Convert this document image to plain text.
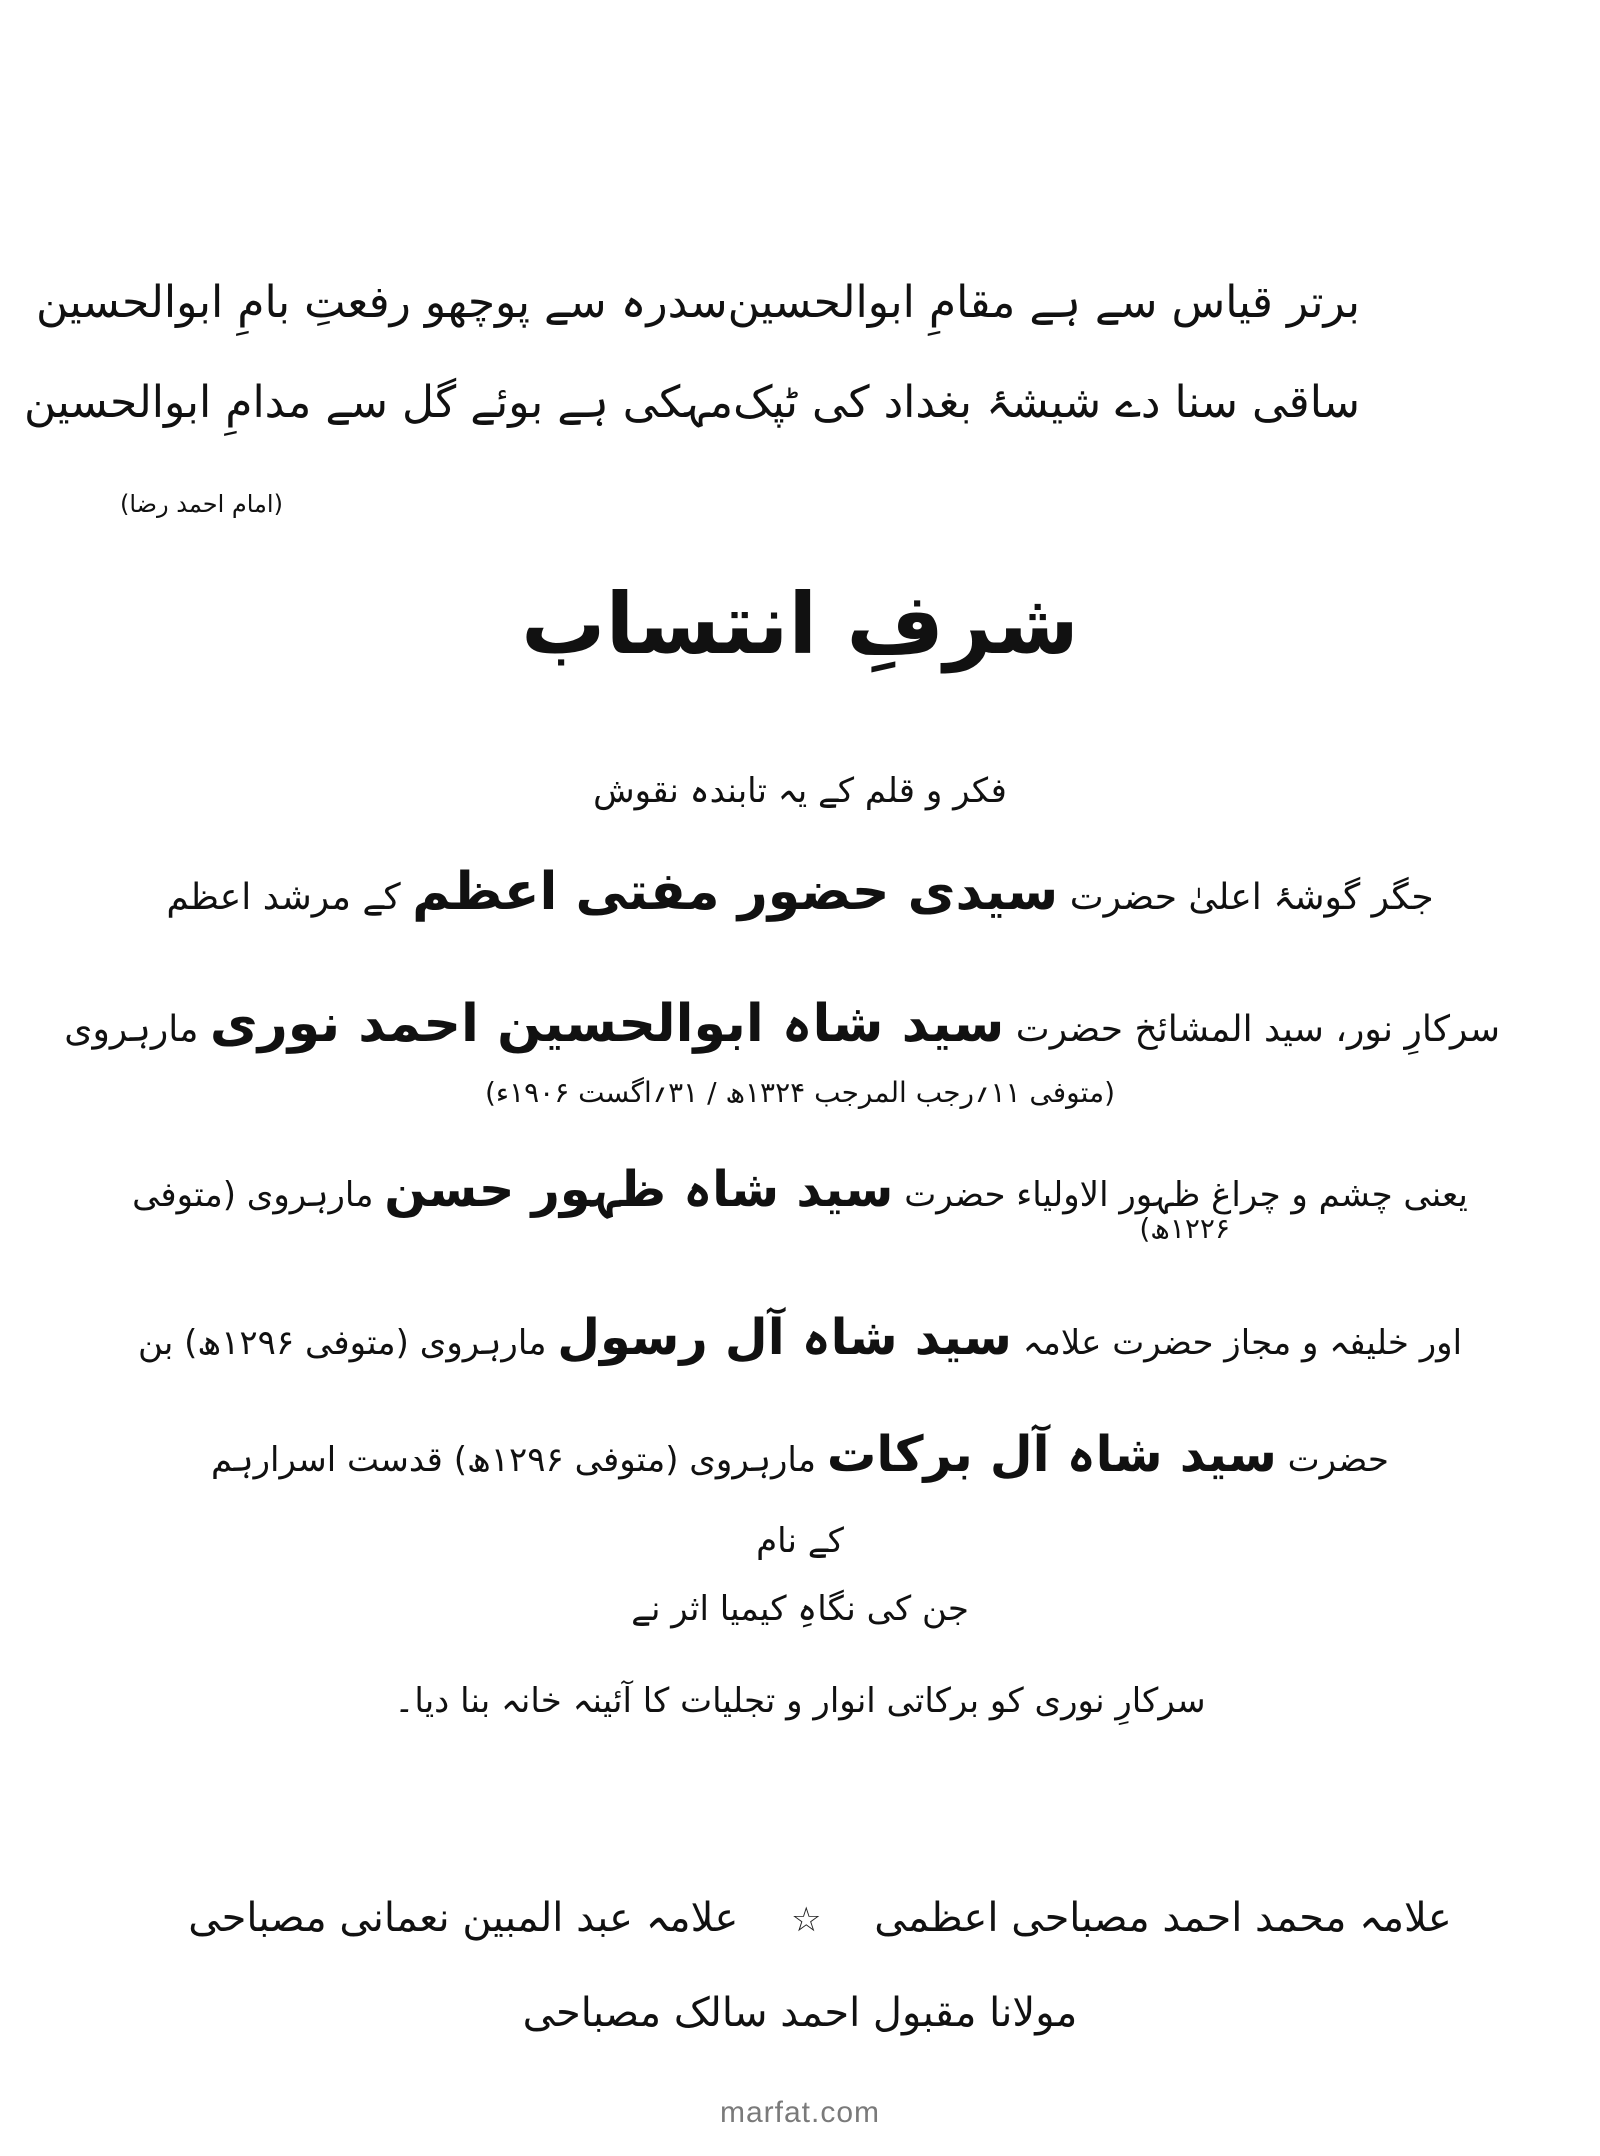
برتر قیاس سے ہے مقامِ ابوالحسین
سدرہ سے پوچھو رفعتِ بامِ ابوالحسین
ساقی سنا دے شیشۂ بغداد کی ٹپک
مہکی ہے بوئے گل سے مدامِ ابوالحسین
(امام احمد رضا)
شرفِ انتساب
فکر و قلم کے یہ تابندہ نقوش
جگر گوشۂ اعلیٰ حضرت سیدی حضور مفتی اعظم کے مرشد اعظم
سرکارِ نور، سید المشائخ حضرت سید شاہ ابوالحسین احمد نوری مارہروی
(متوفی ۱۱؍رجب المرجب ۱۳۲۴ھ / ۳۱؍اگست ۱۹۰۶ء)
یعنی چشم و چراغ ظہور الاولیاء حضرت سید شاہ ظہور حسن مارہروی (متوفی
۱۲۲۶ھ)
اور خلیفہ و مجاز حضرت علامہ سید شاہ آل رسول مارہروی (متوفی ۱۲۹۶ھ) بن
حضرت سید شاہ آل برکات مارہروی (متوفی ۱۲۹۶ھ) قدست اسرارہم
کے نام
جن کی نگاہِ کیمیا اثر نے
سرکارِ نوری کو برکاتی انوار و تجلیات کا آئینہ خانہ بنا دیا۔
علامہ محمد احمد مصباحی اعظمی ☆ علامہ عبد المبین نعمانی مصباحی
مولانا مقبول احمد سالک مصباحی
marfat.com
